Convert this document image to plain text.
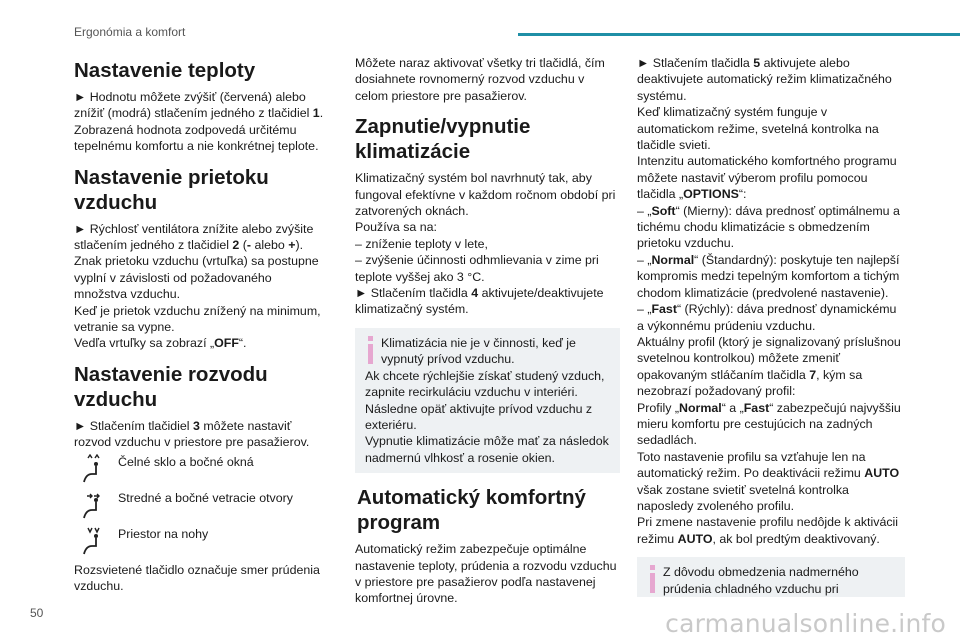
Ergonómia a komfort
Nastavenie teploty

► Hodnotu môžete zvýšiť (červená) alebo znížiť (modrá) stlačením jedného z tlačidiel 1.

Zobrazená hodnota zodpovedá určitému tepelnému komfortu a nie konkrétnej teplote.

Nastavenie prietoku vzduchu

► Rýchlosť ventilátora znížite alebo zvýšite stlačením jedného z tlačidiel 2 (- alebo +).

Znak prietoku vzduchu (vrtuľka) sa postupne vyplní v závislosti od požadovaného množstva vzduchu.

Keď je prietok vzduchu znížený na minimum, vetranie sa vypne.

Vedľa vrtuľky sa zobrazí „OFF“.

Nastavenie rozvodu vzduchu

► Stlačením tlačidiel 3 môžete nastaviť rozvod vzduchu v priestore pre pasažierov.

Čelné sklo a bočné okná
Stredné a bočné vetracie otvory
Priestor na nohy

Rozsvietené tlačidlo označuje smer prúdenia vzduchu.

Môžete naraz aktivovať všetky tri tlačidlá, čím dosiahnete rovnomerný rozvod vzduchu v celom priestore pre pasažierov.

Zapnutie/vypnutie klimatizácie

Klimatizačný systém bol navrhnutý tak, aby fungoval efektívne v každom ročnom období pri zatvorených oknách.

Používa sa na:

– zníženie teploty v lete,

– zvýšenie účinnosti odhmlievania v zime pri teplote vyššej ako 3 °C.

► Stlačením tlačidla 4 aktivujete/deaktivujete klimatizačný systém.

Klimatizácia nie je v činnosti, keď je vypnutý prívod vzduchu.
Ak chcete rýchlejšie získať studený vzduch, zapnite recirkuláciu vzduchu v interiéri. Následne opäť aktivujte prívod vzduchu z exteriéru.
Vypnutie klimatizácie môže mať za následok nadmernú vlhkosť a rosenie okien.
Automatický komfortný program

Automatický režim zabezpečuje optimálne nastavenie teploty, prúdenia a rozvodu vzduchu v priestore pre pasažierov podľa nastavenej komfortnej úrovne.

► Stlačením tlačidla 5 aktivujete alebo deaktivujete automatický režim klimatizačného systému.

Keď klimatizačný systém funguje v automatickom režime, svetelná kontrolka na tlačidle svieti.

Intenzitu automatického komfortného programu môžete nastaviť výberom profilu pomocou tlačidla „OPTIONS“:

– „Soft“ (Mierny): dáva prednosť optimálnemu a tichému chodu klimatizácie s obmedzením prietoku vzduchu.

– „Normal“ (Štandardný): poskytuje ten najlepší kompromis medzi tepelným komfortom a tichým chodom klimatizácie (predvolené nastavenie).

– „Fast“ (Rýchly): dáva prednosť dynamickému a výkonnému prúdeniu vzduchu.

Aktuálny profil (ktorý je signalizovaný príslušnou svetelnou kontrolkou) môžete zmeniť opakovaným stláčaním tlačidla 7, kým sa nezobrazí požadovaný profil:

Profily „Normal“ a „Fast“ zabezpečujú najvyššiu mieru komfortu pre cestujúcich na zadných sedadlách.

Toto nastavenie profilu sa vzťahuje len na automatický režim. Po deaktivácii režimu AUTO však zostane svietiť svetelná kontrolka naposledy zvoleného profilu.

Pri zmene nastavenie profilu nedôjde k aktivácii režimu AUTO, ak bol predtým deaktivovaný.

Z dôvodu obmedzenia nadmerného prúdenia chladného vzduchu pri
50	carmanualsonline.info
